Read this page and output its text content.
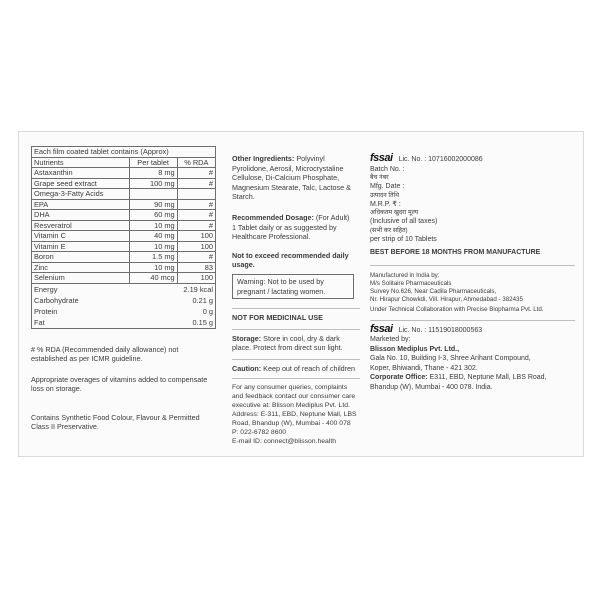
Each film coated tablet contains (Approx)		
Nutrients	Per tablet	% RDA
Astaxanthin	8 mg	#
Grape seed extract	100 mg	#
Omega-3-Fatty Acids		
EPA	90 mg	#
DHA	60 mg	#
Resveratrol	10 mg	#
Vitamin C	40 mg	100
Vitamin E	10 mg	100
Boron	1.5 mg	#
Zinc	10 mg	83
Selenium	40 mcg	100
Energy	2.19 kcal
Carbohydrate	0.21 g
Protein	0 g
Fat	0.15 g

# % RDA (Recommended daily allowance) not established as per ICMR guideline.

Appropriate overages of vitamins added to compensate loss on storage.

Contains Synthetic Food Colour, Flavour & Permitted Class II Preservative.

Other Ingredients: Polyvinyl Pyrolidone, Aerosil, Microcrystaline Cellulose, Di-Calcium Phosphate, Magnesium Stearate, Talc, Lactose & Starch.

Recommended Dosage: (For Adult)

1 Tablet daily or as suggested by Healthcare Professional.

Not to exceed recommended daily usage.

Warning: Not to be used by pregnant / lactating women.

NOT FOR MEDICINAL USE

Storage: Store in cool, dry & dark place. Protect from direct sun light.

Caution: Keep out of reach of children

For any consumer queries, complaints and feedback contact our consumer care executive at: Blisson Mediplus Pvt. Ltd. Address: E-311, EBD, Neptune Mall, LBS Road, Bhandup (W), Mumbai - 400 078

P: 022-6782 8600

E-mail ID: connect@blisson.health

fssai Lic. No. : 10716002000086
Batch No. :
बैच नंबर
Mfg. Date :
उत्पादन तिथि
M.R.P. ₹ :
अधिकतम खुदरा मूल्य
(Inclusive of all taxes)
(सभी कर सहित)
per strip of 10 Tablets
BEST BEFORE 18 MONTHS FROM MANUFACTURE

Manufactured in India by:

M/s Solitaire Pharmaceuticals

Survey No.626, Near Cadila Pharmaceuticals,

Nr. Hirapur Chowkdi, Vill. Hirapur, Ahmedabad - 382435

Under Technical Collaboration with Precise Biopharma Pvt. Ltd.

fssai Lic. No. : 11519018000563
Marketed by:
Blisson Mediplus Pvt. Ltd.,
Gala No. 10, Building I-3, Shree Arihant Compound,
Koper, Bhiwandi, Thane - 421 302.
Corporate Office: E311, EBD, Neptune Mall, LBS Road,
Bhandup (W), Mumbai - 400 078. India.
